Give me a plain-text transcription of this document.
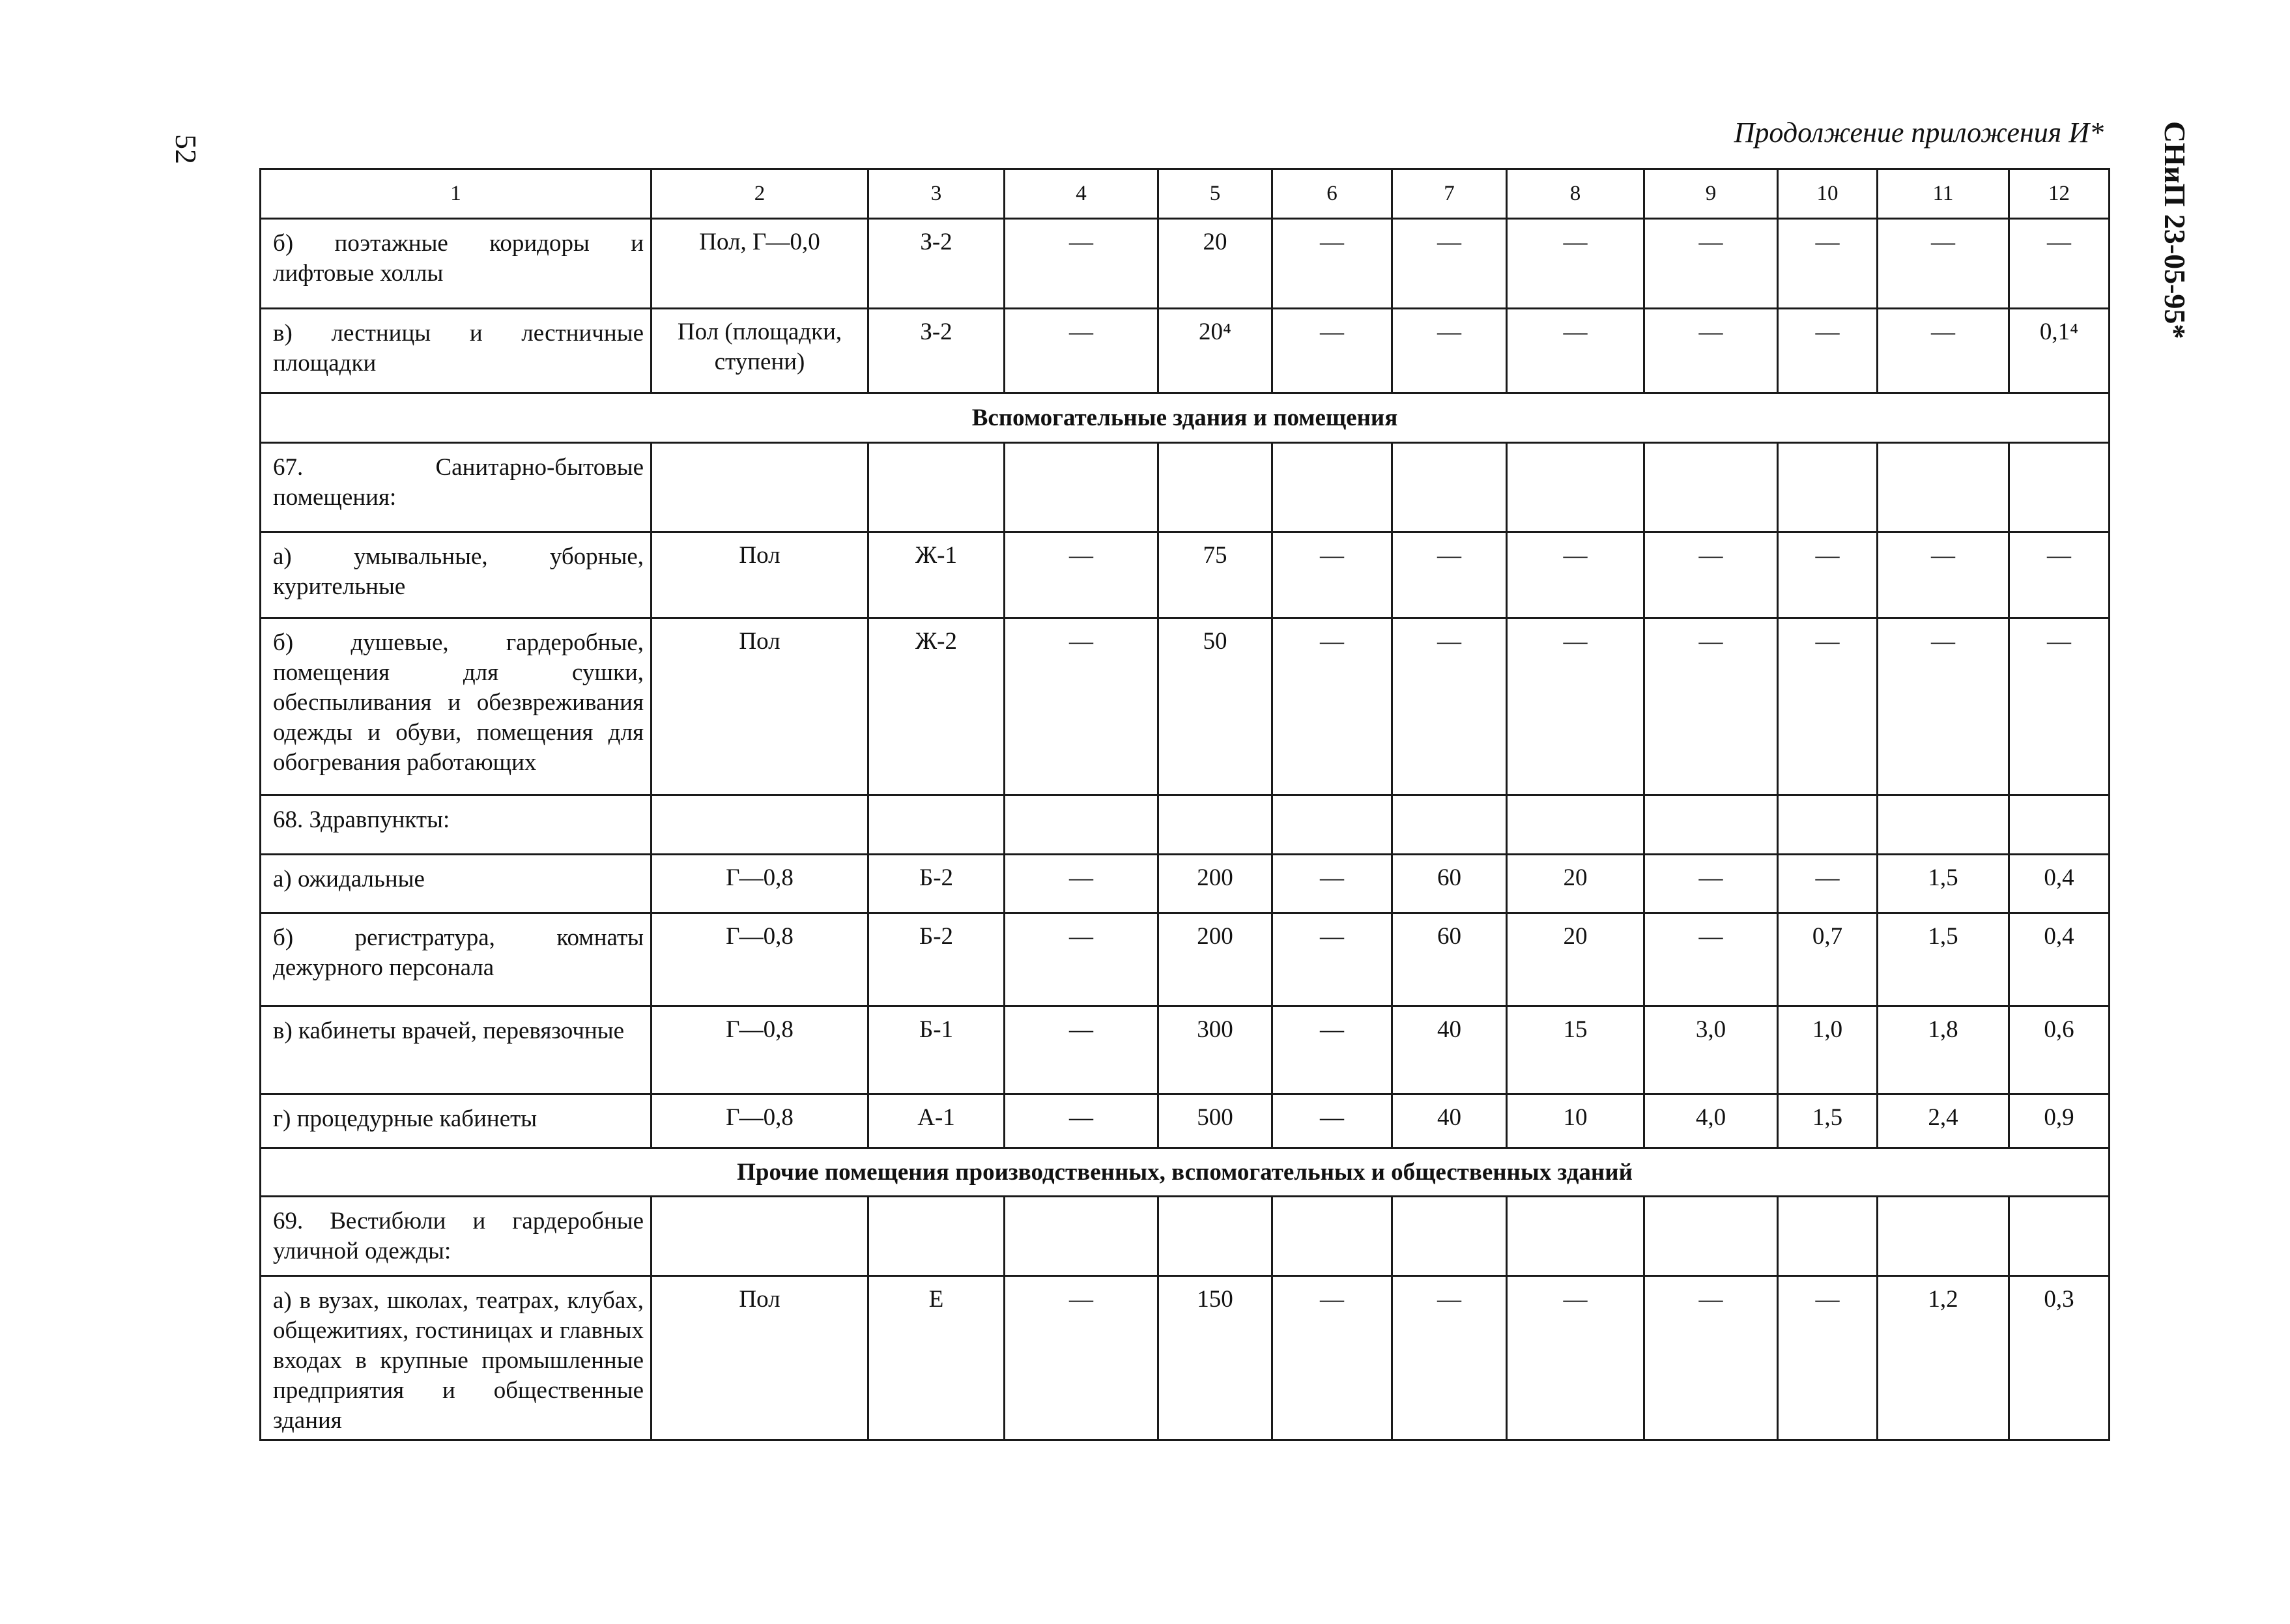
52	СНиП 23-05-95*
Продолжение приложения И*
1	2	3	4	5	6	7	8	9	10	11	12
б) поэтажные коридоры и лифтовые холлы	Пол, Г—0,0	З-2	—	20	—	—	—	—	—	—	—
в) лестницы и лестничные площадки	Пол (площадки, ступени)	З-2	—	20⁴	—	—	—	—	—	—	0,1⁴
Вспомогательные здания и помещения											
67. Санитарно-бытовые помещения:											
а) умывальные, уборные, курительные	Пол	Ж-1	—	75	—	—	—	—	—	—	—
б) душевые, гардеробные, помещения для сушки, обеспыливания и обезвреживания одежды и обуви, помещения для обогревания работающих	Пол	Ж-2	—	50	—	—	—	—	—	—	—
68. Здравпункты:											
а) ожидальные	Г—0,8	Б-2	—	200	—	60	20	—	—	1,5	0,4
б) регистратура, комнаты дежурного персонала	Г—0,8	Б-2	—	200	—	60	20	—	0,7	1,5	0,4
в) кабинеты врачей, перевязочные	Г—0,8	Б-1	—	300	—	40	15	3,0	1,0	1,8	0,6
г) процедурные кабинеты	Г—0,8	А-1	—	500	—	40	10	4,0	1,5	2,4	0,9
Прочие помещения производственных, вспомогательных и общественных зданий											
69. Вестибюли и гардеробные уличной одежды:											
а) в вузах, школах, театрах, клубах, общежитиях, гостиницах и главных входах в крупные промышленные предприятия и общественные здания	Пол	Е	—	150	—	—	—	—	—	1,2	0,3
